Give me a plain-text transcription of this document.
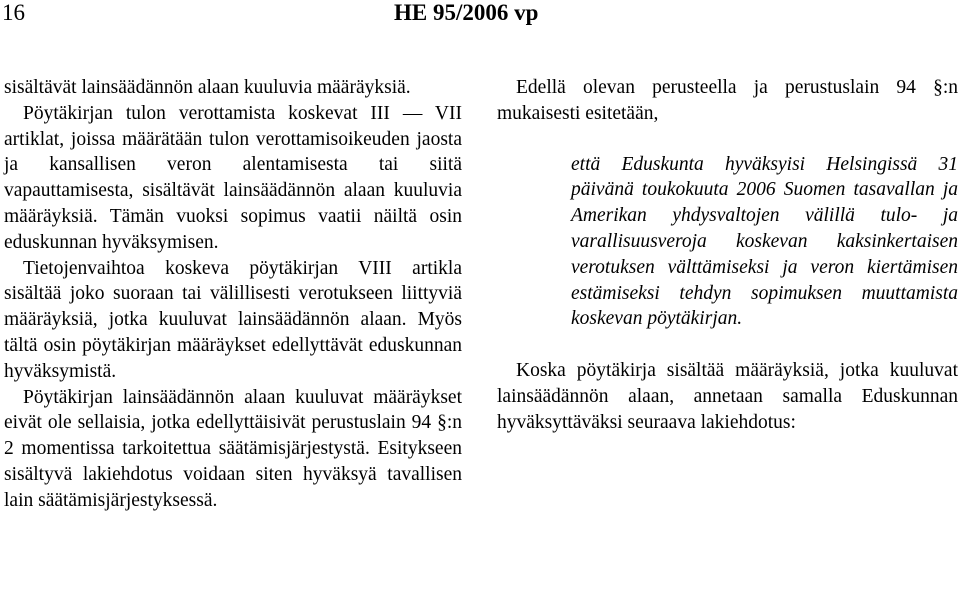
16	HE 95/2006 vp

sisältävät lainsäädännön alaan kuuluvia määräyksiä.

Pöytäkirjan tulon verottamista koskevat III — VII artiklat, joissa määrätään tulon verottamisoikeuden jaosta ja kansallisen veron alentamisesta tai siitä vapauttamisesta, sisältävät lainsäädännön alaan kuuluvia määräyksiä. Tämän vuoksi sopimus vaatii näiltä osin eduskunnan hyväksymisen.

Tietojenvaihtoa koskeva pöytäkirjan VIII artikla sisältää joko suoraan tai välillisesti verotukseen liittyviä määräyksiä, jotka kuuluvat lainsäädännön alaan. Myös tältä osin pöytäkirjan määräykset edellyttävät eduskunnan hyväksymistä.

Pöytäkirjan lainsäädännön alaan kuuluvat määräykset eivät ole sellaisia, jotka edellyttäisivät perustuslain 94 §:n 2 momentissa tarkoitettua säätämisjärjestystä. Esitykseen sisältyvä lakiehdotus voidaan siten hyväksyä tavallisen lain säätämisjärjestyksessä.

Edellä olevan perusteella ja perustuslain 94 §:n mukaisesti esitetään,

että Eduskunta hyväksyisi Helsingissä 31 päivänä toukokuuta 2006 Suomen tasavallan ja Amerikan yhdysvaltojen välillä tulo- ja varallisuusveroja koskevan kaksinkertaisen verotuksen välttämiseksi ja veron kiertämisen estämiseksi tehdyn sopimuksen muuttamista koskevan pöytäkirjan.

Koska pöytäkirja sisältää määräyksiä, jotka kuuluvat lainsäädännön alaan, annetaan samalla Eduskunnan hyväksyttäväksi seuraava lakiehdotus:
